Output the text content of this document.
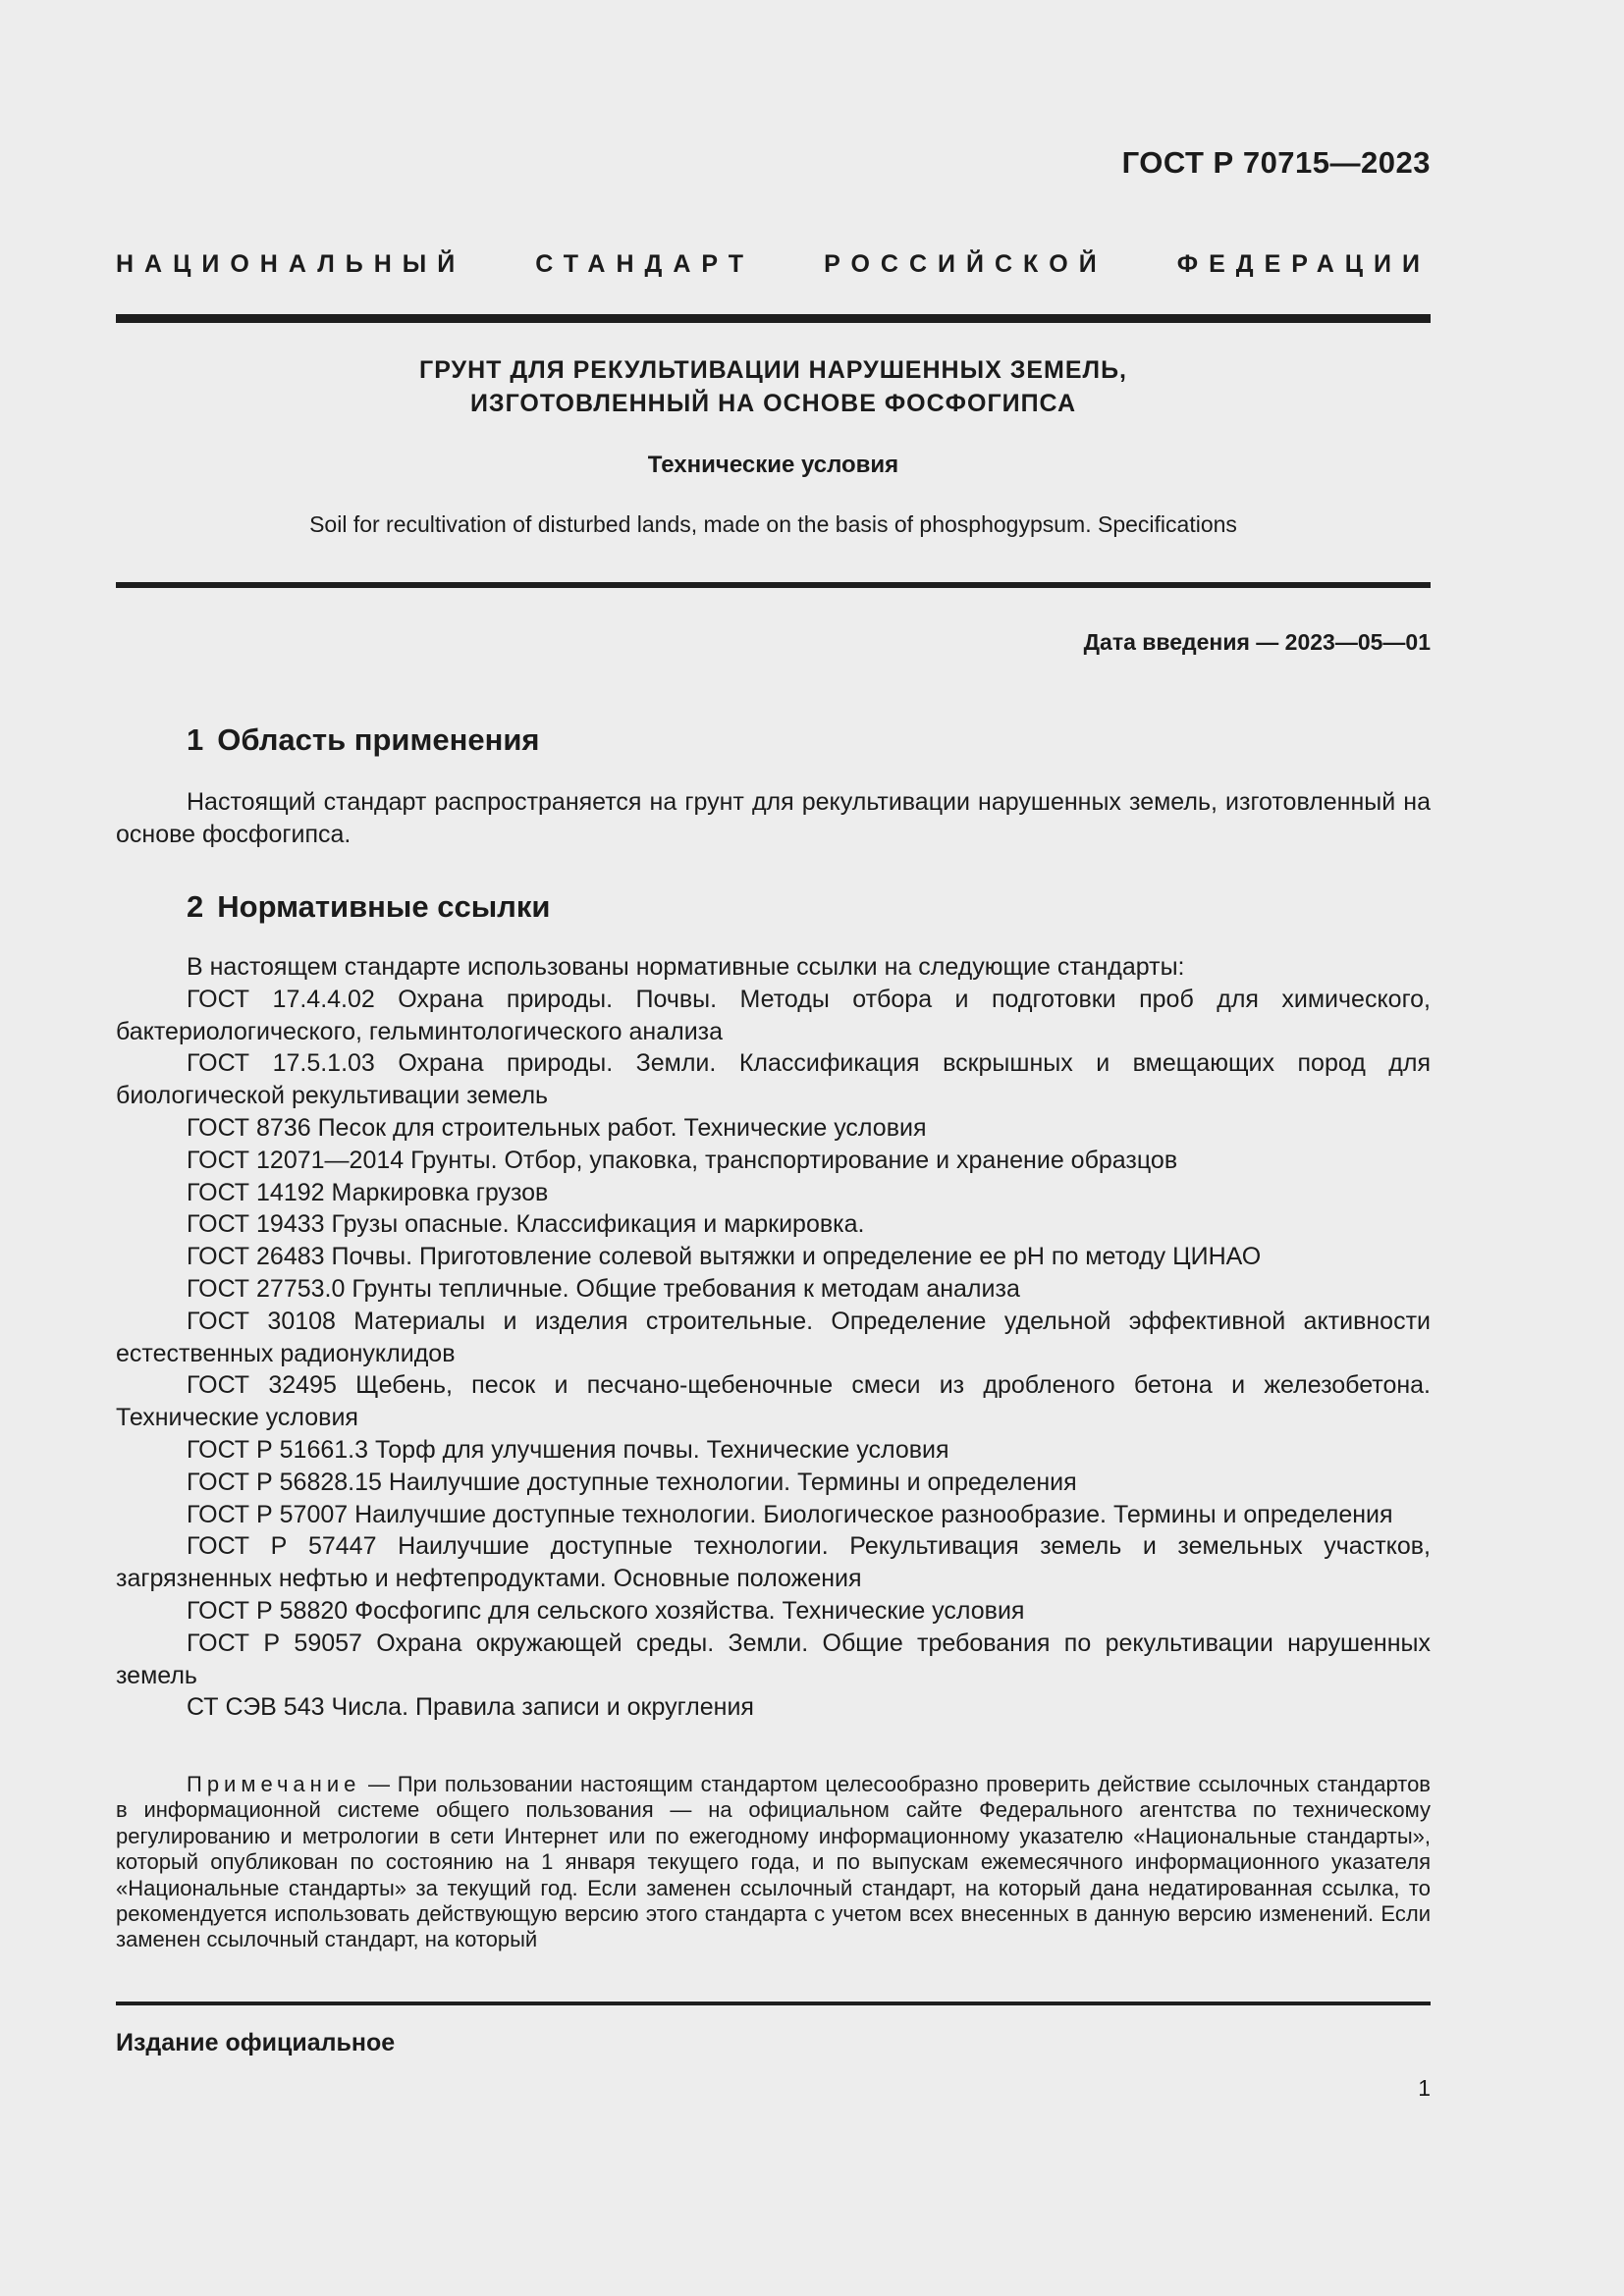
ГОСТ Р 70715—2023
НАЦИОНАЛЬНЫЙ СТАНДАРТ РОССИЙСКОЙ ФЕДЕРАЦИИ
ГРУНТ ДЛЯ РЕКУЛЬТИВАЦИИ НАРУШЕННЫХ ЗЕМЕЛЬ,
ИЗГОТОВЛЕННЫЙ НА ОСНОВЕ ФОСФОГИПСА
Технические условия
Soil for recultivation of disturbed lands, made on the basis of phosphogypsum. Specifications
Дата введения — 2023—05—01
1 Область применения

Настоящий стандарт распространяется на грунт для рекультивации нарушенных земель, изготовленный на основе фосфогипса.

2 Нормативные ссылки

В настоящем стандарте использованы нормативные ссылки на следующие стандарты:

ГОСТ 17.4.4.02 Охрана природы. Почвы. Методы отбора и подготовки проб для химического, бактериологического, гельминтологического анализа

ГОСТ 17.5.1.03 Охрана природы. Земли. Классификация вскрышных и вмещающих пород для биологической рекультивации земель

ГОСТ 8736 Песок для строительных работ. Технические условия

ГОСТ 12071—2014 Грунты. Отбор, упаковка, транспортирование и хранение образцов

ГОСТ 14192 Маркировка грузов

ГОСТ 19433 Грузы опасные. Классификация и маркировка.

ГОСТ 26483 Почвы. Приготовление солевой вытяжки и определение ее pH по методу ЦИНАО

ГОСТ 27753.0 Грунты тепличные. Общие требования к методам анализа

ГОСТ 30108 Материалы и изделия строительные. Определение удельной эффективной активности естественных радионуклидов

ГОСТ 32495 Щебень, песок и песчано-щебеночные смеси из дробленого бетона и железобетона. Технические условия

ГОСТ Р 51661.3 Торф для улучшения почвы. Технические условия

ГОСТ Р 56828.15 Наилучшие доступные технологии. Термины и определения

ГОСТ Р 57007 Наилучшие доступные технологии. Биологическое разнообразие. Термины и определения

ГОСТ Р 57447 Наилучшие доступные технологии. Рекультивация земель и земельных участков, загрязненных нефтью и нефтепродуктами. Основные положения

ГОСТ Р 58820 Фосфогипс для сельского хозяйства. Технические условия

ГОСТ Р 59057 Охрана окружающей среды. Земли. Общие требования по рекультивации нарушенных земель

СТ СЭВ 543 Числа. Правила записи и округления

Примечание — При пользовании настоящим стандартом целесообразно проверить действие ссылочных стандартов в информационной системе общего пользования — на официальном сайте Федерального агентства по техническому регулированию и метрологии в сети Интернет или по ежегодному информационному указателю «Национальные стандарты», который опубликован по состоянию на 1 января текущего года, и по выпускам ежемесячного информационного указателя «Национальные стандарты» за текущий год. Если заменен ссылочный стандарт, на который дана недатированная ссылка, то рекомендуется использовать действующую версию этого стандарта с учетом всех внесенных в данную версию изменений. Если заменен ссылочный стандарт, на который

Издание официальное
1
